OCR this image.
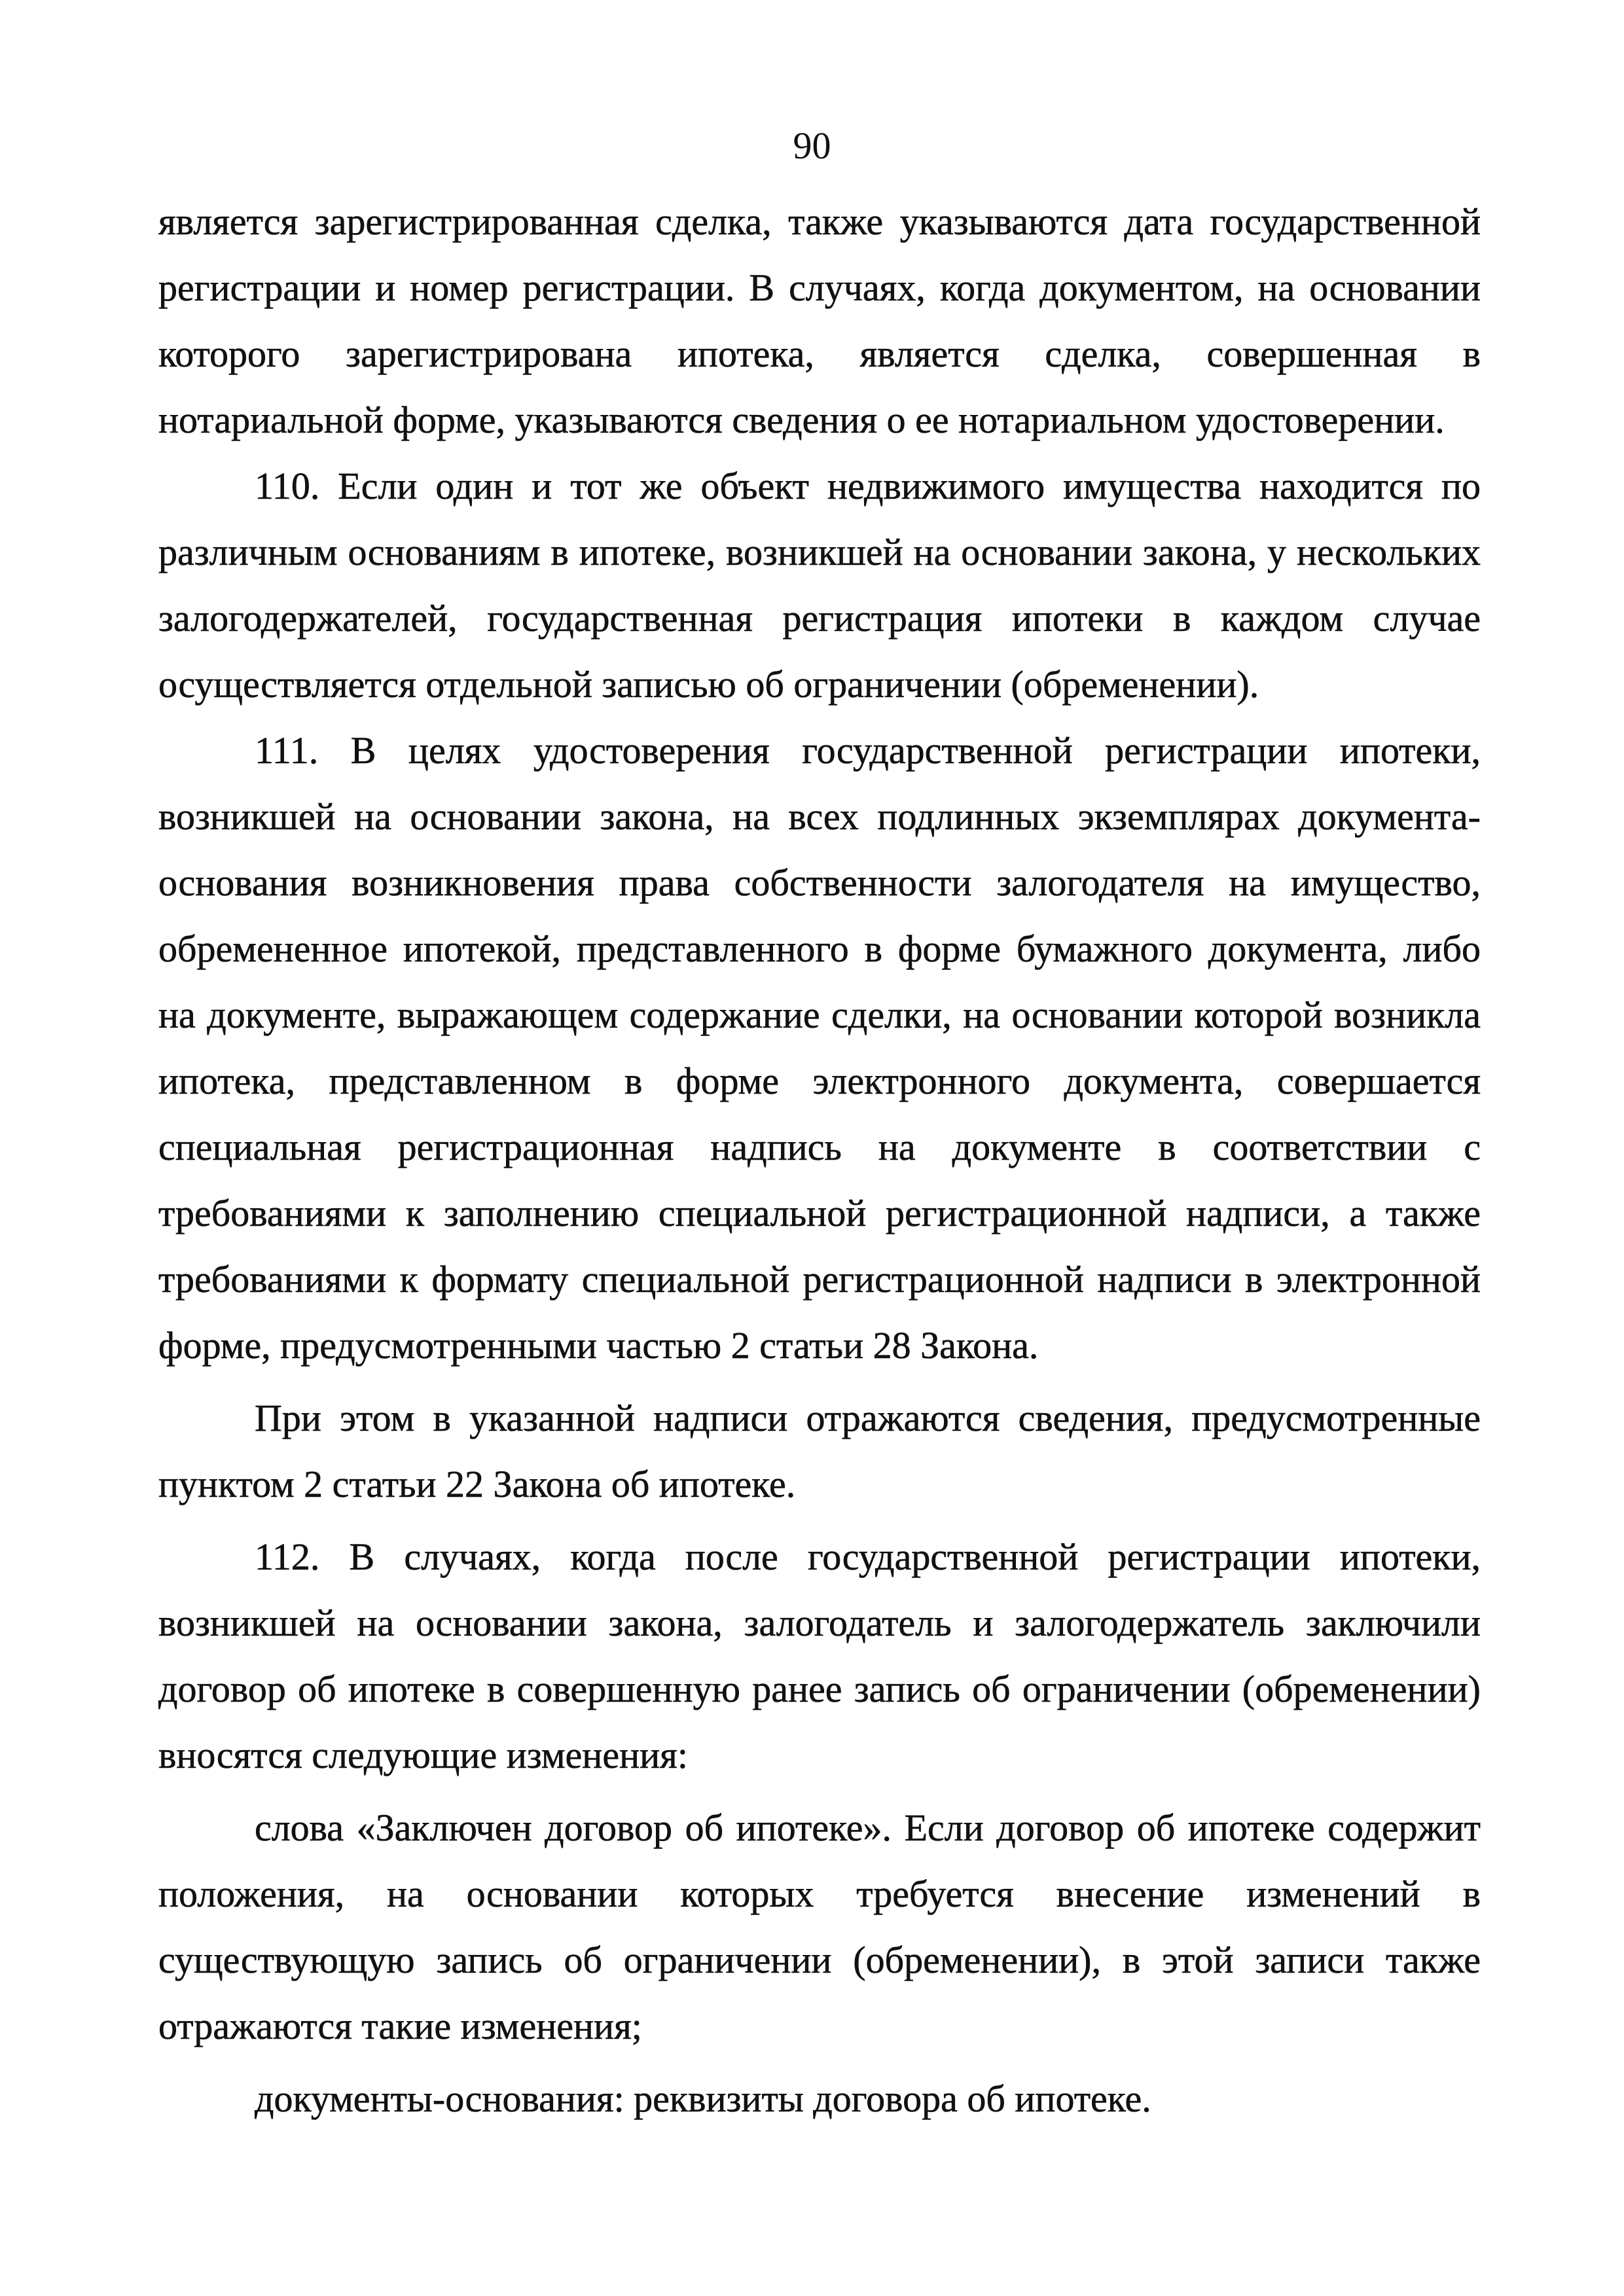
90

является зарегистрированная сделка, также указываются дата государственной регистрации и номер регистрации. В случаях, когда документом, на основании которого зарегистрирована ипотека, является сделка, совершенная в нотариальной форме, указываются сведения о ее нотариальном удостоверении.

110. Если один и тот же объект недвижимого имущества находится по различным основаниям в ипотеке, возникшей на основании закона, у нескольких залогодержателей, государственная регистрация ипотеки в каждом случае осуществляется отдельной записью об ограничении (обременении).

111. В целях удостоверения государственной регистрации ипотеки, возникшей на основании закона, на всех подлинных экземплярах документа-основания возникновения права собственности залогодателя на имущество, обремененное ипотекой, представленного в форме бумажного документа, либо на документе, выражающем содержание сделки, на основании которой возникла ипотека, представленном в форме электронного документа, совершается специальная регистрационная надпись на документе в соответствии с требованиями к заполнению специальной регистрационной надписи, а также требованиями к формату специальной регистрационной надписи в электронной форме, предусмотренными частью 2 статьи 28 Закона.

При этом в указанной надписи отражаются сведения, предусмотренные пунктом 2 статьи 22 Закона об ипотеке.

112. В случаях, когда после государственной регистрации ипотеки, возникшей на основании закона, залогодатель и залогодержатель заключили договор об ипотеке в совершенную ранее запись об ограничении (обременении) вносятся следующие изменения:

слова «Заключен договор об ипотеке». Если договор об ипотеке содержит положения, на основании которых требуется внесение изменений в существующую запись об ограничении (обременении), в этой записи также отражаются такие изменения;

документы-основания: реквизиты договора об ипотеке.
